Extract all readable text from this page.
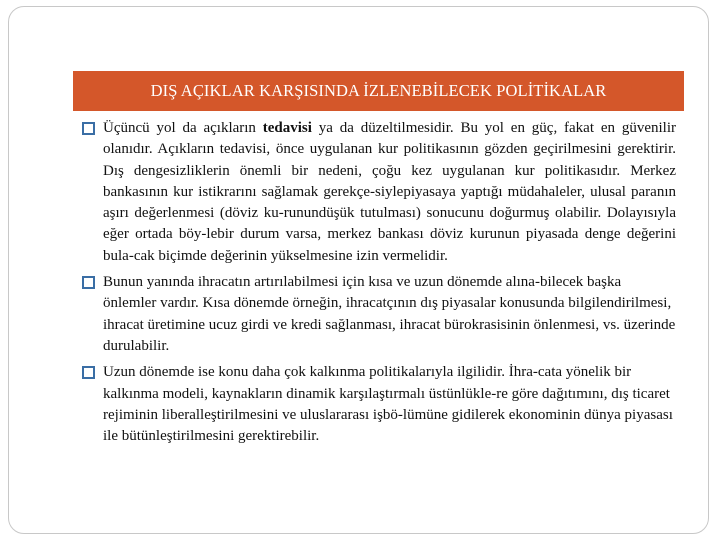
DIŞ AÇIKLAR KARŞISINDA İZLENEBİLECEK POLİTİKALAR
Üçüncü yol da açıkların tedavisi ya da düzeltilmesidir. Bu yol en güç, fakat en güvenilir olanıdır. Açıkların tedavisi, önce uygulanan kur politikasının gözden geçirilmesini gerektirir. Dış dengesizliklerin önemli bir nedeni, çoğu kez uygulanan kur politikasıdır. Merkez bankasının kur istikrarını sağlamak gerekçe-siylepiyasaya yaptığı müdahaleler, ulusal paranın aşırı değerlenmesi (döviz ku-runundüşük tutulması) sonucunu doğurmuş olabilir. Dolayısıyla eğer ortada böy-lebir durum varsa, merkez bankası döviz kurunun piyasada denge değerini bula-cak biçimde değerinin yükselmesine izin vermelidir.
Bunun yanında ihracatın artırılabilmesi için kısa ve uzun dönemde alına-bilecek başka önlemler vardır. Kısa dönemde örneğin, ihracatçının dış piyasalar konusunda bilgilendirilmesi, ihracat üretimine ucuz girdi ve kredi sağlanması, ihracat bürokrasisinin önlenmesi, vs. üzerinde durulabilir.
Uzun dönemde ise konu daha çok kalkınma politikalarıyla ilgilidir. İhra-cata yönelik bir kalkınma modeli, kaynakların dinamik karşılaştırmalı üstünlükle-re göre dağıtımını, dış ticaret rejiminin liberalleştirilmesini ve uluslararası işbö-lümüne gidilerek ekonominin dünya piyasası ile bütünleştirilmesini gerektirebilir.
